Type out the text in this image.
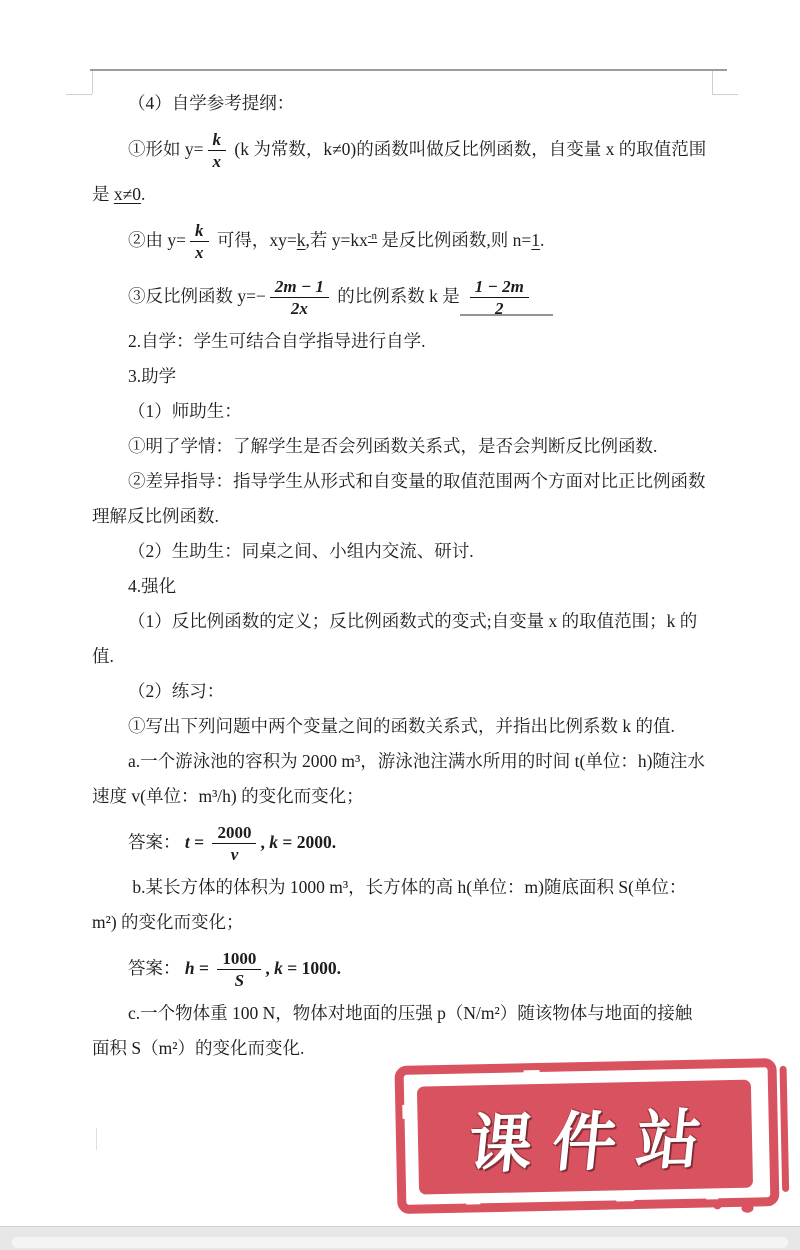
（4）自学参考提纲：
①形如 $y= \frac{k}{x} (k$ 为常数，k≠0)的函数叫做反比例函数，自变量 x 的取值范围
是 x≠0.
②由 $y= \frac{k}{x}$ 可得，xy=k,若 $y=kx^{-n}$ 是反比例函数,则 n=1.
③反比例函数 $y=- \frac{2m - 1}{2x}$ 的比例系数 k 是 $\frac{1 - 2m}{2}$
2.自学：学生可结合自学指导进行自学.
3.助学
（1）师助生：
①明了学情：了解学生是否会列函数关系式，是否会判断反比例函数.
②差异指导：指导学生从形式和自变量的取值范围两个方面对比正比例函数
理解反比例函数.
（2）生助生：同桌之间、小组内交流、研讨.
4.强化
（1）反比例函数的定义；反比例函数式的变式;自变量 x 的取值范围；k 的
值.
（2）练习：
①写出下列问题中两个变量之间的函数关系式，并指出比例系数 k 的值.
a.一个游泳池的容积为 2000 m³，游泳池注满水所用的时间 t(单位：h)随注水
速度 v(单位：m³/h) 的变化而变化；
答案： $t = \frac{2000}{v}$ , k = 2000.
b.某长方体的体积为 1000 m³，长方体的高 h(单位：m)随底面积 S(单位：
m²) 的变化而变化；
答案： $h = \frac{1000}{S}$ , k = 1000.
c.一个物体重 100 N，物体对地面的压强 p（N/m²）随该物体与地面的接触
面积 S（m²）的变化而变化.
课件站
